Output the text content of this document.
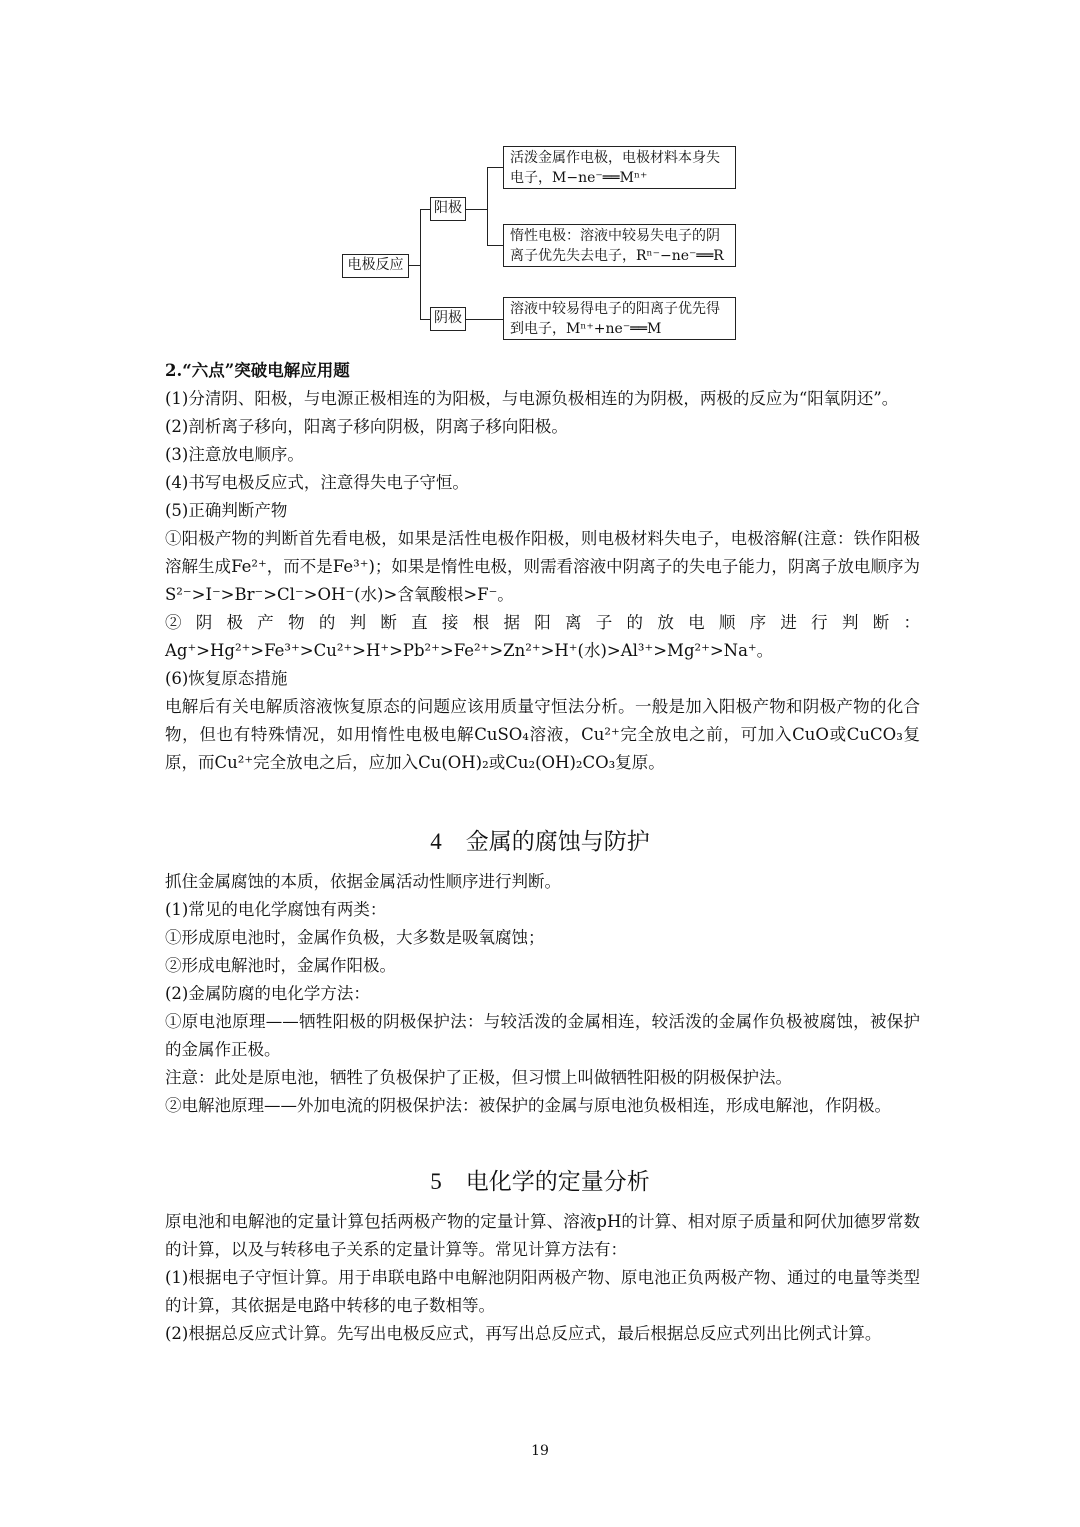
电极反应
阳极
阴极
活泼金属作电极，电极材料本身失
电子，M−ne⁻══Mⁿ⁺
惰性电极：溶液中较易失电子的阴
离子优先失去电子，Rⁿ⁻−ne⁻══R
溶液中较易得电子的阳离子优先得
到电子，Mⁿ⁺+ne⁻══M

2.“六点”突破电解应用题

(1)分清阴、阳极，与电源正极相连的为阳极，与电源负极相连的为阴极，两极的反应为“阳氧阴还”。

(2)剖析离子移向，阳离子移向阴极，阴离子移向阳极。

(3)注意放电顺序。

(4)书写电极反应式，注意得失电子守恒。

(5)正确判断产物

①阳极产物的判断首先看电极，如果是活性电极作阳极，则电极材料失电子，电极溶解(注意：铁作阳极溶解生成Fe²⁺，而不是Fe³⁺)；如果是惰性电极，则需看溶液中阴离子的失电子能力，阴离子放电顺序为S²⁻>I⁻>Br⁻>Cl⁻>OH⁻(水)>含氧酸根>F⁻。

②阴极产物的判断直接根据阳离子的放电顺序进行判断：Ag⁺>Hg²⁺>Fe³⁺>Cu²⁺>H⁺>Pb²⁺>Fe²⁺>Zn²⁺>H⁺(水)>Al³⁺>Mg²⁺>Na⁺。

(6)恢复原态措施

电解后有关电解质溶液恢复原态的问题应该用质量守恒法分析。一般是加入阳极产物和阴极产物的化合物，但也有特殊情况，如用惰性电极电解CuSO₄溶液，Cu²⁺完全放电之前，可加入CuO或CuCO₃复原，而Cu²⁺完全放电之后，应加入Cu(OH)₂或Cu₂(OH)₂CO₃复原。

4 金属的腐蚀与防护

抓住金属腐蚀的本质，依据金属活动性顺序进行判断。

(1)常见的电化学腐蚀有两类：

①形成原电池时，金属作负极，大多数是吸氧腐蚀；

②形成电解池时，金属作阳极。

(2)金属防腐的电化学方法：

①原电池原理——牺牲阳极的阴极保护法：与较活泼的金属相连，较活泼的金属作负极被腐蚀，被保护的金属作正极。

注意：此处是原电池，牺牲了负极保护了正极，但习惯上叫做牺牲阳极的阴极保护法。

②电解池原理——外加电流的阴极保护法：被保护的金属与原电池负极相连，形成电解池，作阴极。

5 电化学的定量分析

原电池和电解池的定量计算包括两极产物的定量计算、溶液pH的计算、相对原子质量和阿伏加德罗常数的计算，以及与转移电子关系的定量计算等。常见计算方法有：

(1)根据电子守恒计算。用于串联电路中电解池阴阳两极产物、原电池正负两极产物、通过的电量等类型的计算，其依据是电路中转移的电子数相等。

(2)根据总反应式计算。先写出电极反应式，再写出总反应式，最后根据总反应式列出比例式计算。

19
